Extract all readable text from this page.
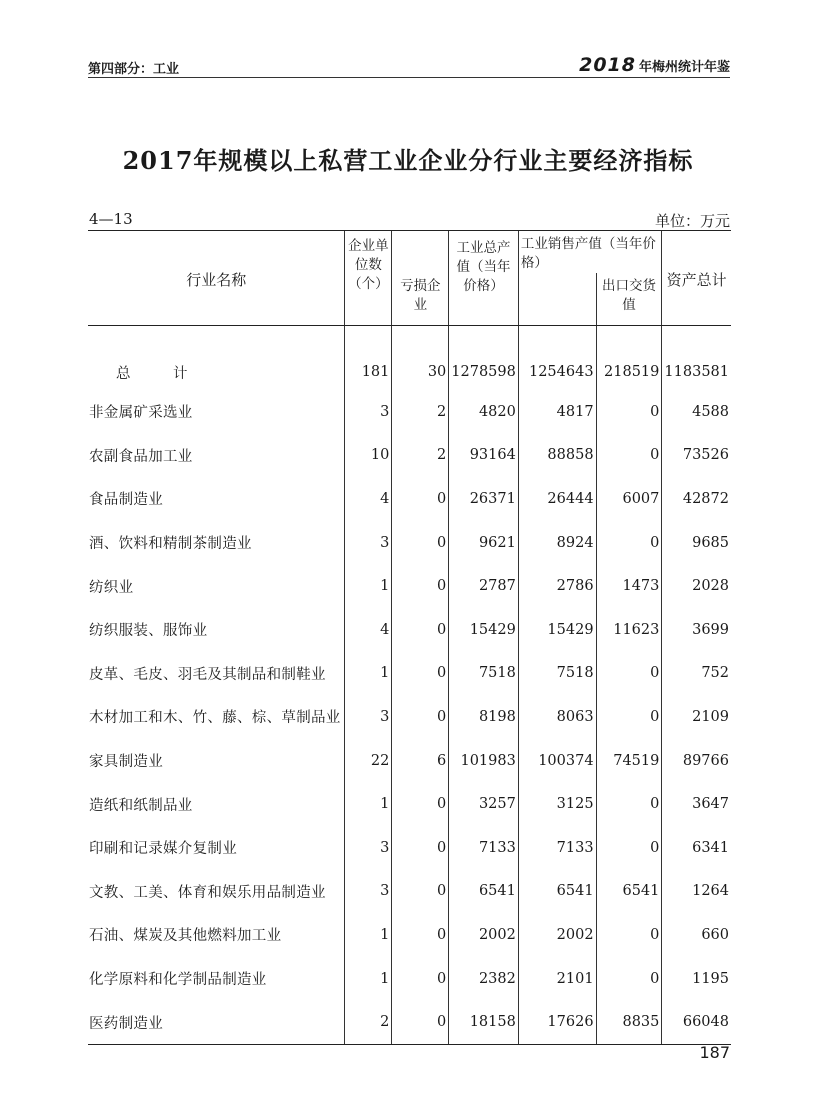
第四部分：工业	2018 年梅州统计年鉴
2017年规模以上私营工业企业分行业主要经济指标
4—13	单位：万元
行业名称	企业单位数（个）		工业总产值（当年价格）	工业销售产值（当年价格）		资产总计
		亏损企业			出口交货值	
总　计	181	30	1278598	1254643	218519	1183581
非金属矿采选业	3	2	4820	4817	0	4588
农副食品加工业	10	2	93164	88858	0	73526
食品制造业	4	0	26371	26444	6007	42872
酒、饮料和精制茶制造业	3	0	9621	8924	0	9685
纺织业	1	0	2787	2786	1473	2028
纺织服装、服饰业	4	0	15429	15429	11623	3699
皮革、毛皮、羽毛及其制品和制鞋业	1	0	7518	7518	0	752
木材加工和木、竹、藤、棕、草制品业	3	0	8198	8063	0	2109
家具制造业	22	6	101983	100374	74519	89766
造纸和纸制品业	1	0	3257	3125	0	3647
印刷和记录媒介复制业	3	0	7133	7133	0	6341
文教、工美、体育和娱乐用品制造业	3	0	6541	6541	6541	1264
石油、煤炭及其他燃料加工业	1	0	2002	2002	0	660
化学原料和化学制品制造业	1	0	2382	2101	0	1195
医药制造业	2	0	18158	17626	8835	66048
187
